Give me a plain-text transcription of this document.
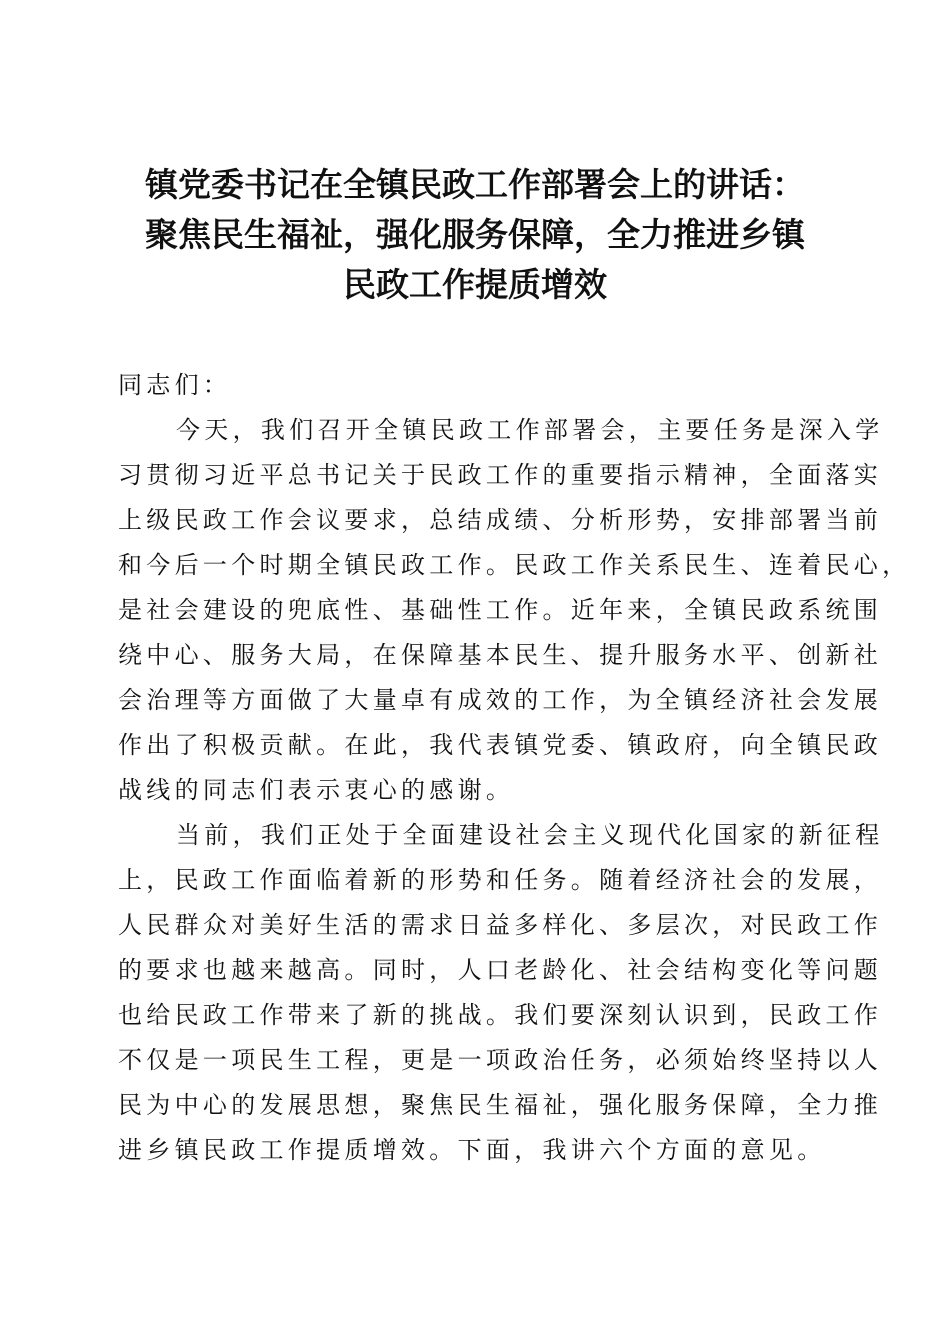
镇党委书记在全镇民政工作部署会上的讲话：
聚焦民生福祉，强化服务保障，全力推进乡镇
民政工作提质增效

同志们：

今天，我们召开全镇民政工作部署会，主要任务是深入学
习贯彻习近平总书记关于民政工作的重要指示精神，全面落实
上级民政工作会议要求，总结成绩、分析形势，安排部署当前
和今后一个时期全镇民政工作。民政工作关系民生、连着民心，
是社会建设的兜底性、基础性工作。近年来，全镇民政系统围
绕中心、服务大局，在保障基本民生、提升服务水平、创新社
会治理等方面做了大量卓有成效的工作，为全镇经济社会发展
作出了积极贡献。在此，我代表镇党委、镇政府，向全镇民政
战线的同志们表示衷心的感谢。

当前，我们正处于全面建设社会主义现代化国家的新征程
上，民政工作面临着新的形势和任务。随着经济社会的发展，
人民群众对美好生活的需求日益多样化、多层次，对民政工作
的要求也越来越高。同时，人口老龄化、社会结构变化等问题
也给民政工作带来了新的挑战。我们要深刻认识到，民政工作
不仅是一项民生工程，更是一项政治任务，必须始终坚持以人
民为中心的发展思想，聚焦民生福祉，强化服务保障，全力推
进乡镇民政工作提质增效。下面，我讲六个方面的意见。
